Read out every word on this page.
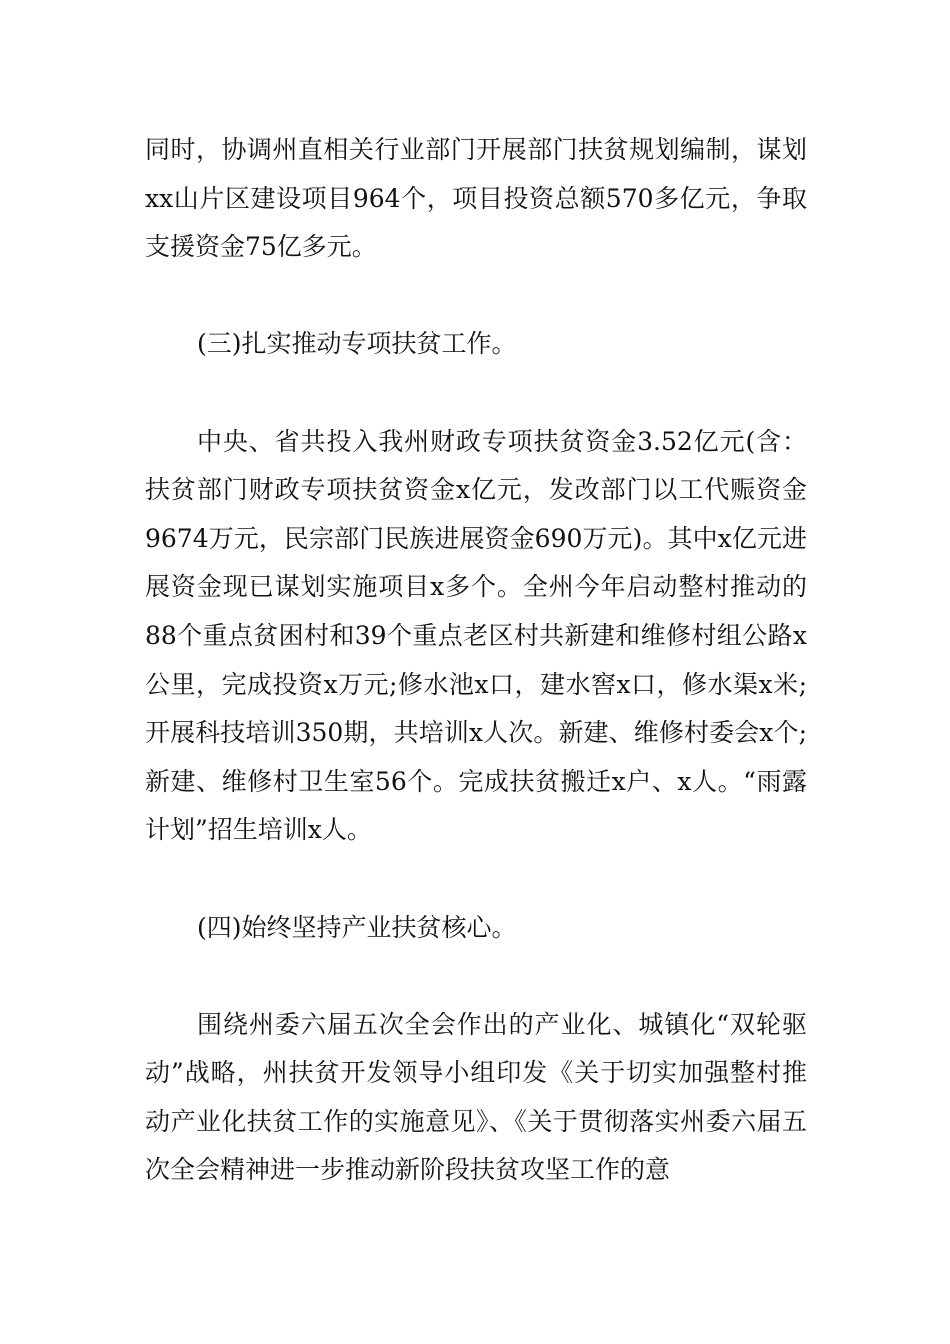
同时，协调州直相关行业部门开展部门扶贫规划编制，谋划xx山片区建设项目964个，项目投资总额570多亿元，争取支援资金75亿多元。

(三)扎实推动专项扶贫工作。

中央、省共投入我州财政专项扶贫资金3.52亿元(含：扶贫部门财政专项扶贫资金x亿元，发改部门以工代赈资金9674万元，民宗部门民族进展资金690万元)。其中x亿元进展资金现已谋划实施项目x多个。全州今年启动整村推动的88个重点贫困村和39个重点老区村共新建和维修村组公路x公里，完成投资x万元;修水池x口，建水窖x口，修水渠x米;开展科技培训350期，共培训x人次。新建、维修村委会x个;新建、维修村卫生室56个。完成扶贫搬迁x户、x人。“雨露计划”招生培训x人。

(四)始终坚持产业扶贫核心。

围绕州委六届五次全会作出的产业化、城镇化“双轮驱动”战略，州扶贫开发领导小组印发《关于切实加强整村推动产业化扶贫工作的实施意见》、《关于贯彻落实州委六届五次全会精神进一步推动新阶段扶贫攻坚工作的意
